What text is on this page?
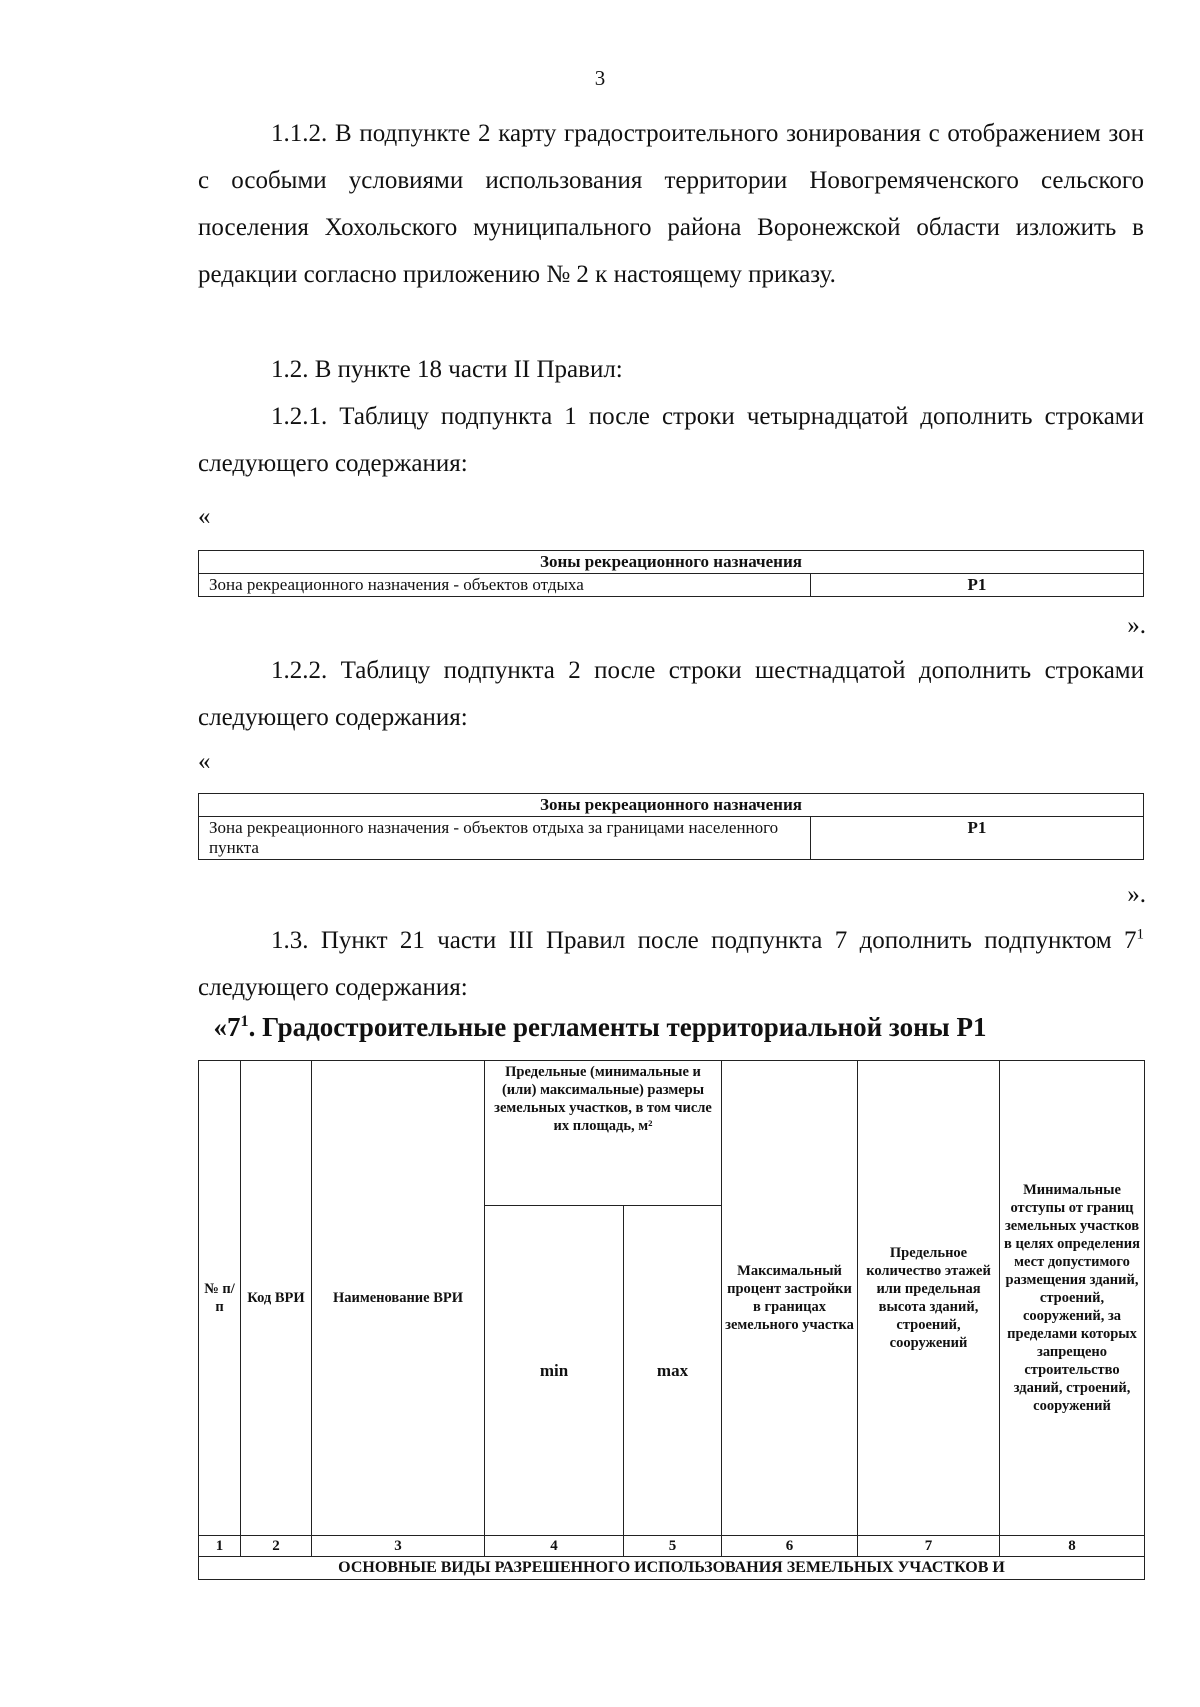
3

1.1.2. В подпункте 2 карту градостроительного зонирования с отображением зон с особыми условиями использования территории Новогремяченского сельского поселения Хохольского муниципального района Воронежской области изложить в редакции согласно приложению № 2 к настоящему приказу.

1.2. В пункте 18 части II Правил:

1.2.1. Таблицу подпункта 1 после строки четырнадцатой дополнить строками следующего содержания:

«
Зоны рекреационного назначения
Зона рекреационного назначения - объектов отдыха	Р1
».

1.2.2. Таблицу подпункта 2 после строки шестнадцатой дополнить строками следующего содержания:

«
Зоны рекреационного назначения
Зона рекреационного назначения - объектов отдыха за границами населенного пункта	Р1
».

1.3. Пункт 21 части III Правил после подпункта 7 дополнить подпунктом $7^1$ следующего содержания:

«$7^1$. Градостроительные регламенты территориальной зоны Р1
№ п/п	Код ВРИ	Наименование ВРИ	Предельные (минимальные и (или) максимальные) размеры земельных участков, в том числе их площадь, м²		Максимальный процент застройки в границах земельного участка	Предельное количество этажей или предельная высота зданий, строений, сооружений	Минимальные отступы от границ земельных участков в целях определения мест допустимого размещения зданий, строений, сооружений, за пределами которых запрещено строительство зданий, строений, сооружений
			min	max			
1	2	3	4	5	6	7	8
ОСНОВНЫЕ ВИДЫ РАЗРЕШЕННОГО ИСПОЛЬЗОВАНИЯ ЗЕМЕЛЬНЫХ УЧАСТКОВ И							
